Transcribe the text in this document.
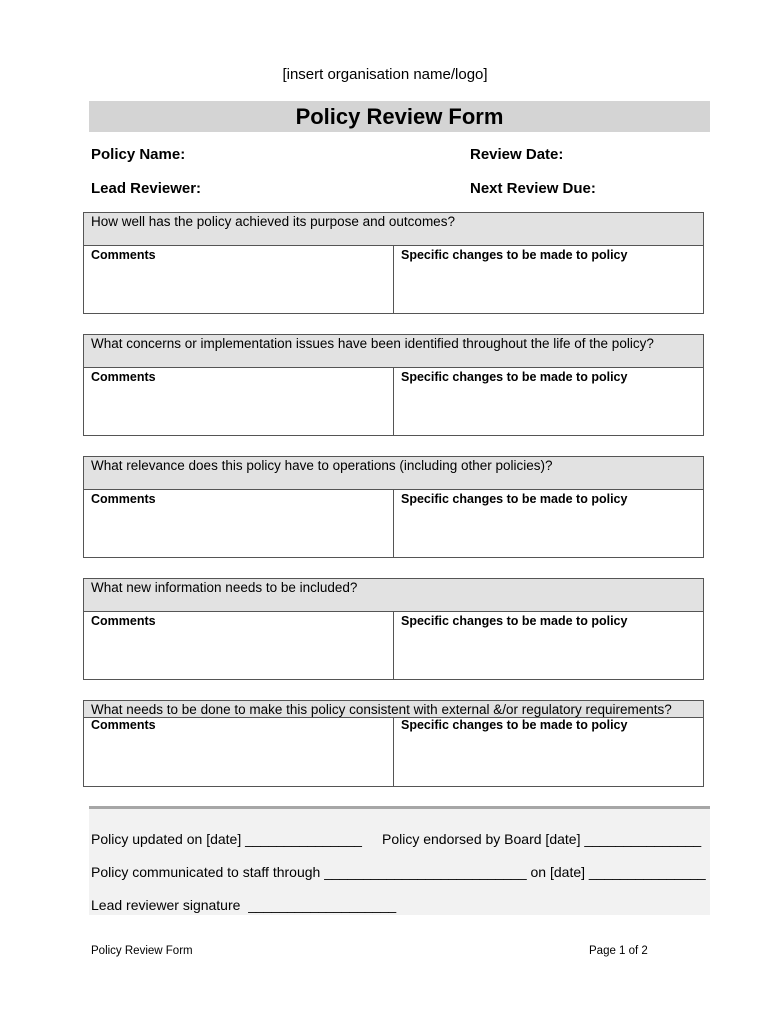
[insert organisation name/logo]
Policy Review Form
Policy Name:	Review Date:
Lead Reviewer:	Next Review Due:
How well has the policy achieved its purpose and outcomes?
Comments	Specific changes to be made to policy
What concerns or implementation issues have been identified throughout the life of the policy?
Comments	Specific changes to be made to policy
What relevance does this policy have to operations (including other policies)?
Comments	Specific changes to be made to policy
What new information needs to be included?
Comments	Specific changes to be made to policy
What needs to be done to make this policy consistent with external &/or regulatory requirements?
Comments	Specific changes to be made to policy
Policy updated on [date] _______________ Policy endorsed by Board [date] _______________
Policy communicated to staff through __________________________ on [date] _______________
Lead reviewer signature  ___________________
Policy Review Form	Page 1 of 2
